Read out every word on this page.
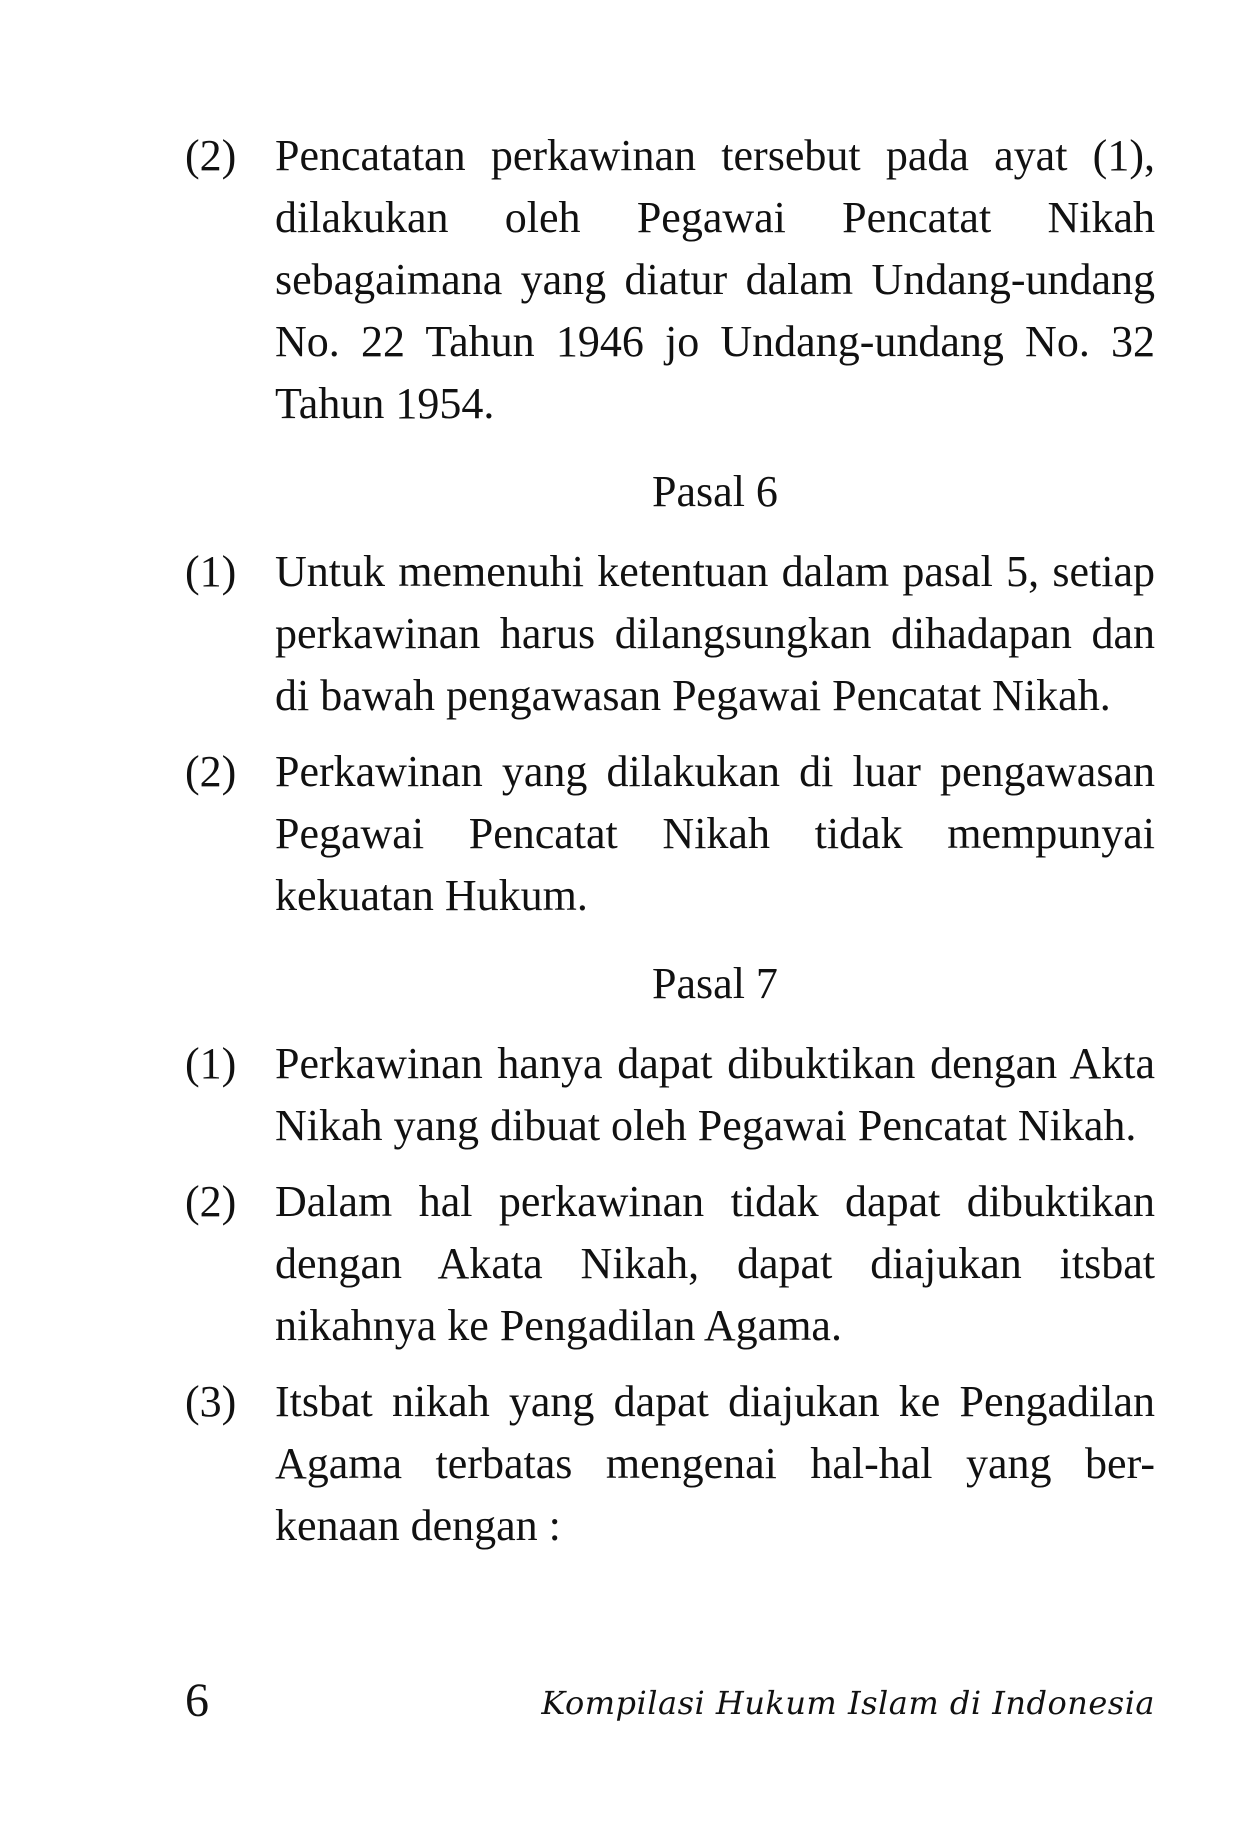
(2) Pencatatan perkawinan tersebut pada ayat (1), dilakukan oleh Pegawai Pencatat Nikah sebagaimana yang diatur dalam Undang-undang No. 22 Tahun 1946 jo Undang-undang No. 32 Tahun 1954.
Pasal 6
(1) Untuk memenuhi ketentuan dalam pasal 5, setiap perkawinan harus dilangsungkan dihadapan dan di bawah pengawasan Pegawai Pencatat Nikah.
(2) Perkawinan yang dilakukan di luar pengawasan Pegawai Pencatat Nikah tidak mempunyai kekuatan Hukum.
Pasal 7
(1) Perkawinan hanya dapat dibuktikan dengan Akta Nikah yang dibuat oleh Pegawai Pencatat Nikah.
(2) Dalam hal perkawinan tidak dapat dibuktikan dengan Akata Nikah, dapat diajukan itsbat nikahnya ke Pengadilan Agama.
(3) Itsbat nikah yang dapat diajukan ke Pengadilan Agama terbatas mengenai hal-hal yang ber-kenaan dengan :
6	Kompilasi Hukum Islam di Indonesia
